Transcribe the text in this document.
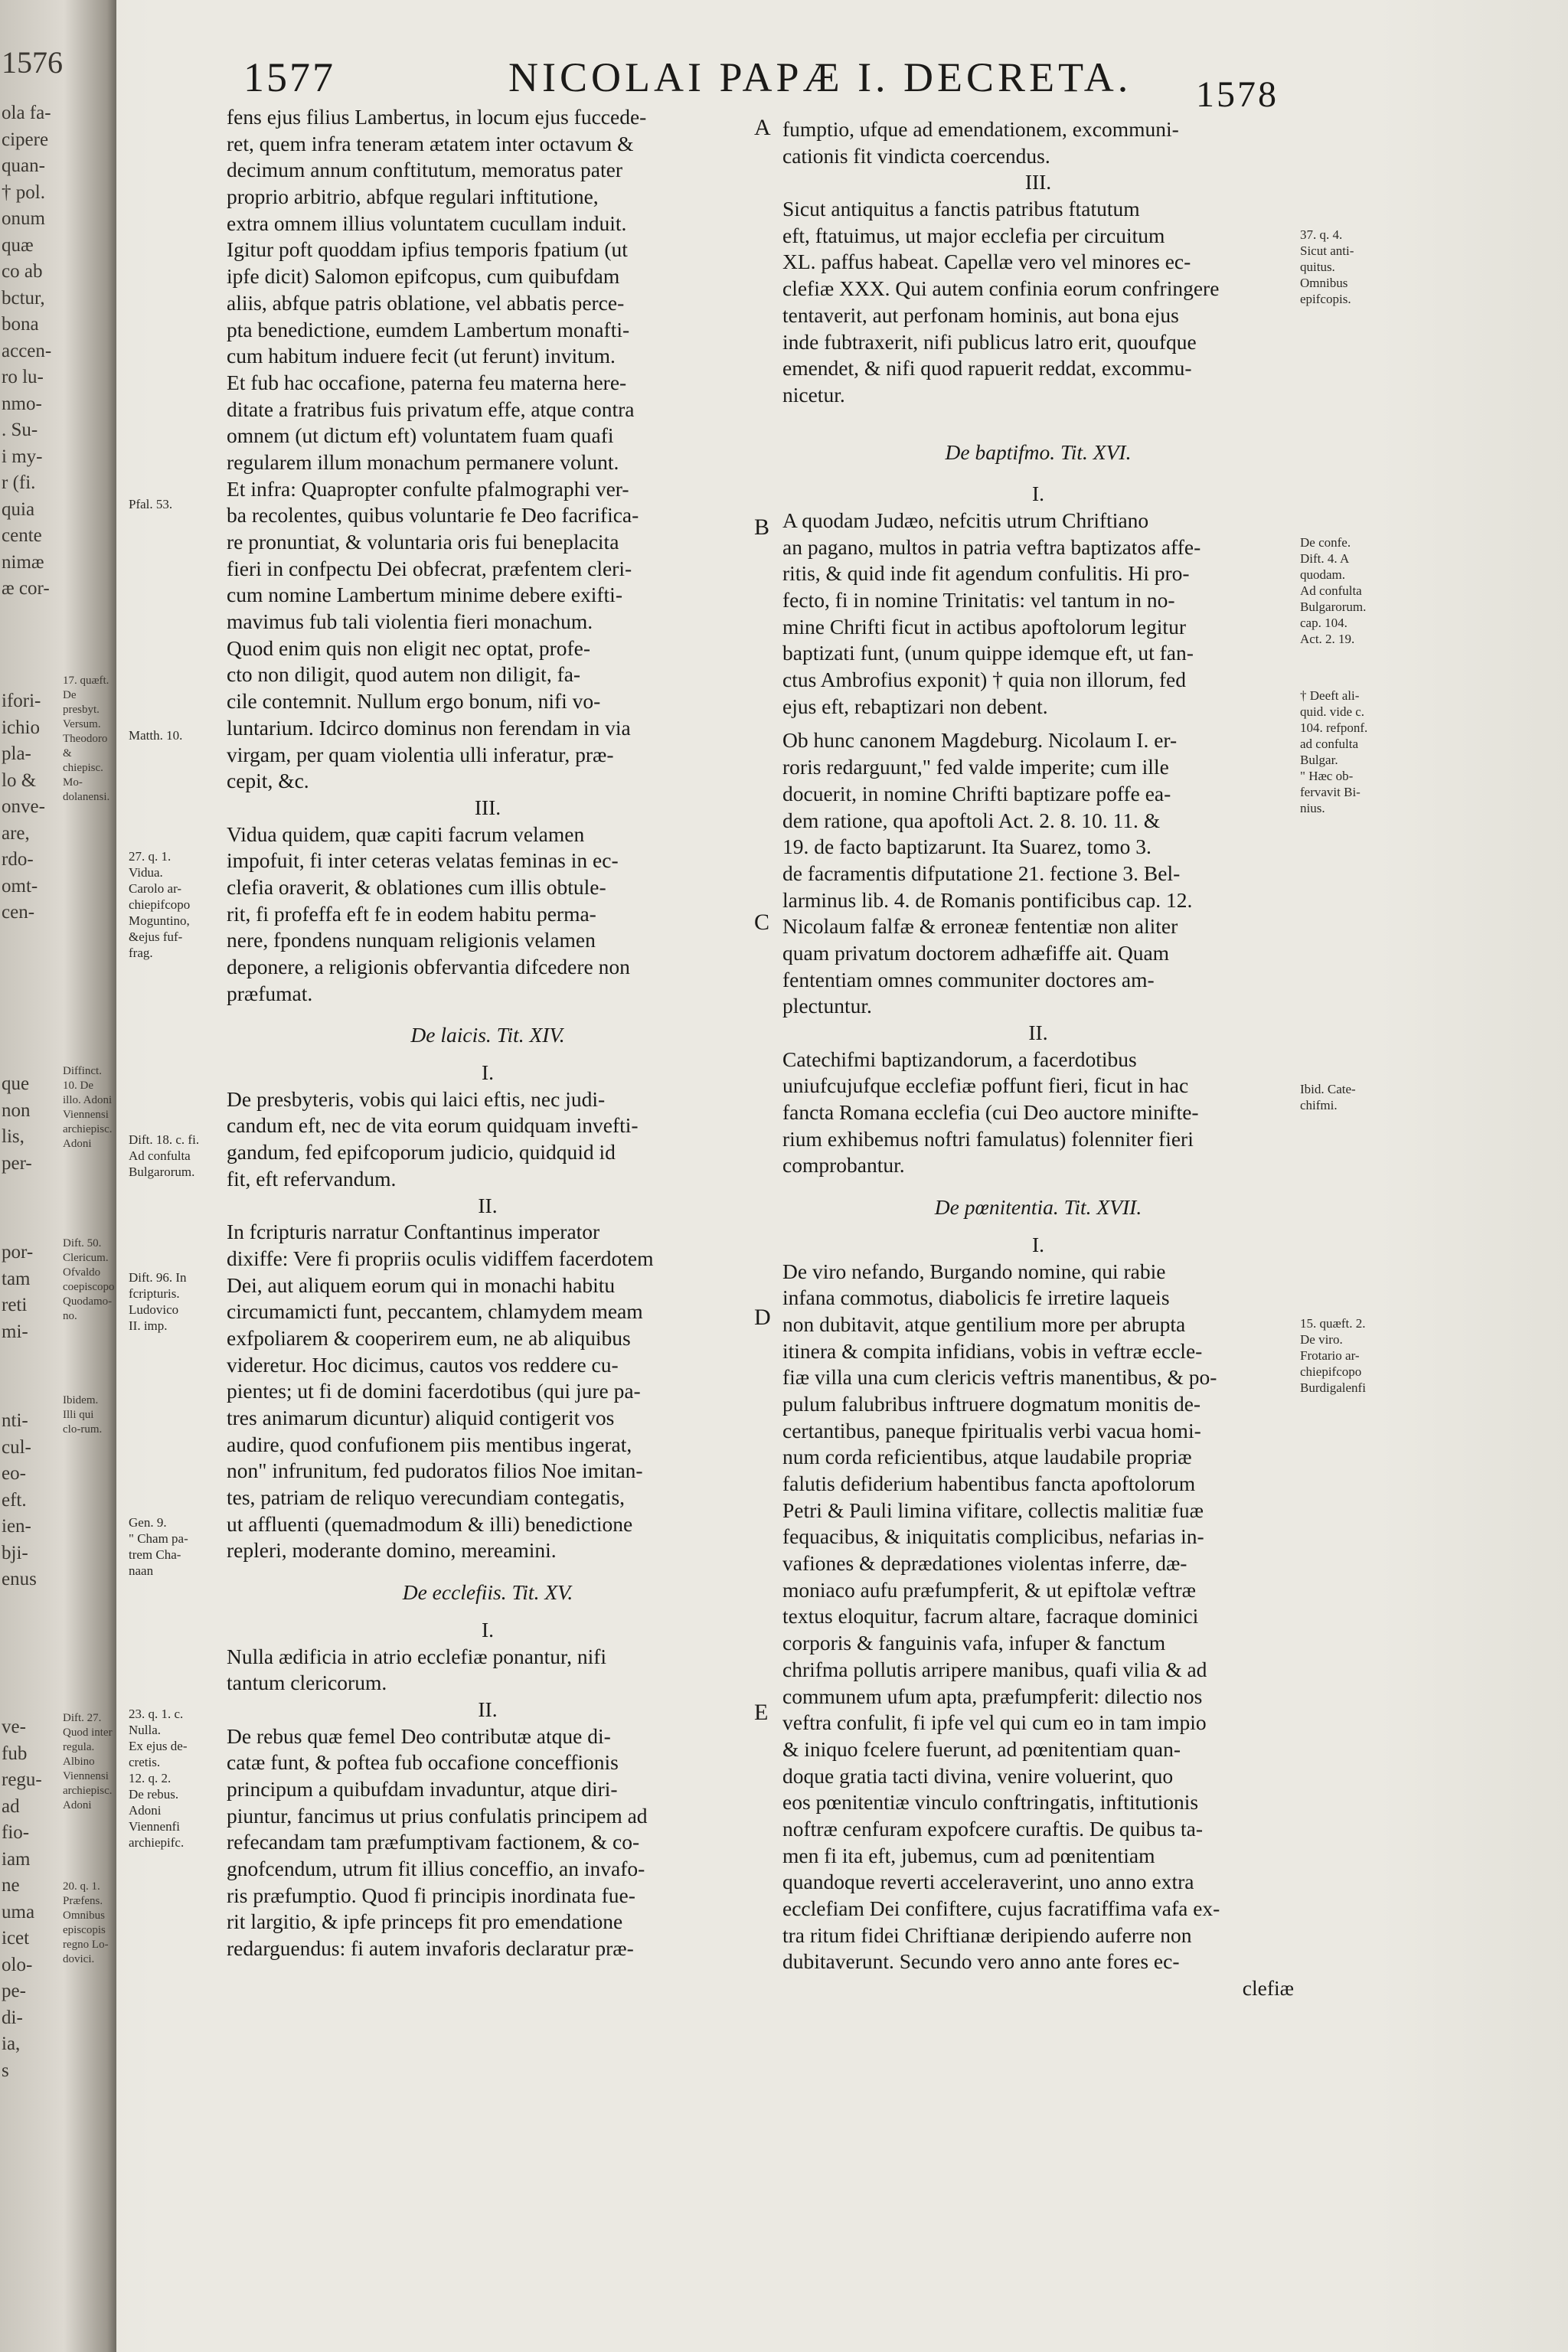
1576
ola fa-
cipere
quan-
† pol.
onum
quæ
co ab
bctur,
bona
accen-
ro lu-
nmo-
. Su-
i my-
r (fi.
quia
cente
nimæ
æ cor-
ifori-
ichio
pla-
lo &
onve-
are,
rdo-
omt-
cen-
que
non
lis,
per-
por-
tam
reti
mi-
nti-
cul-
eo-
eft.
ien-
bji-
enus
ve-
fub
regu-
ad
fio-
iam
ne
uma
icet
olo-
pe-
di-
ia,
s
17. quæft. De presbyt. Versum. Theodoro & chiepisc. Mo-dolanensi.
Diffinct. 10. De illo. Adoni Viennensi archiepisc. Adoni
Dift. 50. Clericum. Ofvaldo coepiscopo Quodamo-no.
Ibidem. Illi qui clo-rum.
Dift. 27. Quod inter regula. Albino Viennensi archiepisc. Adoni
20. q. 1. Præfens. Omnibus episcopis regno Lo-dovici.
1577	NICOLAI PAPÆ I. DECRETA. 1578
A
B
C
D
E
Pfal. 53.
Matth. 10.
27. q. 1.
Vidua.
Carolo ar-
chiepifcopo
Moguntino,
&ejus fuf-
frag.
Dift. 18. c. fi.
Ad confulta
Bulgarorum.
Dift. 96. In
fcripturis.
Ludovico
II. imp.
Gen. 9.
" Cham pa-
trem Cha-
naan
23. q. 1. c.
Nulla.
Ex ejus de-
cretis.
12. q. 2.
De rebus.
Adoni
Viennenfi
archiepifc.
fens ejus filius Lambertus, in locum ejus fuccede-
ret, quem infra teneram ætatem inter octavum &
decimum annum conftitutum, memoratus pater
proprio arbitrio, abfque regulari inftitutione,
extra omnem illius voluntatem cucullam induit.
Igitur poft quoddam ipfius temporis fpatium (ut
ipfe dicit) Salomon epifcopus, cum quibufdam
aliis, abfque patris oblatione, vel abbatis perce-
pta benedictione, eumdem Lambertum monafti-
cum habitum induere fecit (ut ferunt) invitum.
Et fub hac occafione, paterna feu materna here-
ditate a fratribus fuis privatum effe, atque contra
omnem (ut dictum eft) voluntatem fuam quafi
regularem illum monachum permanere volunt.
Et infra: Quapropter confulte pfalmographi ver-
ba recolentes, quibus voluntarie fe Deo facrifica-
re pronuntiat, & voluntaria oris fui beneplacita
fieri in confpectu Dei obfecrat, præfentem cleri-
cum nomine Lambertum minime debere exifti-
mavimus fub tali violentia fieri monachum.
Quod enim quis non eligit nec optat, profe-
cto non diligit, quod autem non diligit, fa-
cile contemnit. Nullum ergo bonum, nifi vo-
luntarium. Idcirco dominus non ferendam in via
virgam, per quam violentia ulli inferatur, præ-
cepit, &c.
III.
Vidua quidem, quæ capiti facrum velamen
impofuit, fi inter ceteras velatas feminas in ec-
clefia oraverit, & oblationes cum illis obtule-
rit, fi profeffa eft fe in eodem habitu perma-
nere, fpondens nunquam religionis velamen
deponere, a religionis obfervantia difcedere non
præfumat.
De laicis. Tit. XIV.
I.
De presbyteris, vobis qui laici eftis, nec judi-
candum eft, nec de vita eorum quidquam invefti-
gandum, fed epifcoporum judicio, quidquid id
fit, eft refervandum.
II.
In fcripturis narratur Conftantinus imperator
dixiffe: Vere fi propriis oculis vidiffem facerdotem
Dei, aut aliquem eorum qui in monachi habitu
circumamicti funt, peccantem, chlamydem meam
exfpoliarem & cooperirem eum, ne ab aliquibus
videretur. Hoc dicimus, cautos vos reddere cu-
pientes; ut fi de domini facerdotibus (qui jure pa-
tres animarum dicuntur) aliquid contigerit vos
audire, quod confufionem piis mentibus ingerat,
non" infrunitum, fed pudoratos filios Noe imitan-
tes, patriam de reliquo verecundiam contegatis,
ut affluenti (quemadmodum & illi) benedictione
repleri, moderante domino, mereamini.
De ecclefiis. Tit. XV.
I.
Nulla ædificia in atrio ecclefiæ ponantur, nifi
tantum clericorum.
II.
De rebus quæ femel Deo contributæ atque di-
catæ funt, & poftea fub occafione conceffionis
principum a quibufdam invaduntur, atque diri-
piuntur, fancimus ut prius confulatis principem ad
refecandam tam præfumptivam factionem, & co-
gnofcendum, utrum fit illius conceffio, an invafo-
ris præfumptio. Quod fi principis inordinata fue-
rit largitio, & ipfe princeps fit pro emendatione
redarguendus: fi autem invaforis declaratur præ-
fumptio, ufque ad emendationem, excommuni-
cationis fit vindicta coercendus.
III.
Sicut antiquitus a fanctis patribus ftatutum
eft, ftatuimus, ut major ecclefia per circuitum
XL. paffus habeat. Capellæ vero vel minores ec-
clefiæ XXX. Qui autem confinia eorum confringere
tentaverit, aut perfonam hominis, aut bona ejus
inde fubtraxerit, nifi publicus latro erit, quoufque
emendet, & nifi quod rapuerit reddat, excommu-
nicetur.
De baptifmo. Tit. XVI.
I.
A quodam Judæo, nefcitis utrum Chriftiano
an pagano, multos in patria veftra baptizatos affe-
ritis, & quid inde fit agendum confulitis. Hi pro-
fecto, fi in nomine Trinitatis: vel tantum in no-
mine Chrifti ficut in actibus apoftolorum legitur
baptizati funt, (unum quippe idemque eft, ut fan-
ctus Ambrofius exponit) † quia non illorum, fed
ejus eft, rebaptizari non debent.
Ob hunc canonem Magdeburg. Nicolaum I. er-
roris redarguunt," fed valde imperite; cum ille
docuerit, in nomine Chrifti baptizare poffe ea-
dem ratione, qua apoftoli Act. 2. 8. 10. 11. &
19. de facto baptizarunt. Ita Suarez, tomo 3.
de facramentis difputatione 21. fectione 3. Bel-
larminus lib. 4. de Romanis pontificibus cap. 12.
Nicolaum falfæ & erroneæ fententiæ non aliter
quam privatum doctorem adhæfiffe ait. Quam
fententiam omnes communiter doctores am-
plectuntur.
II.
Catechifmi baptizandorum, a facerdotibus
uniufcujufque ecclefiæ poffunt fieri, ficut in hac
fancta Romana ecclefia (cui Deo auctore minifte-
rium exhibemus noftri famulatus) folenniter fieri
comprobantur.
De pœnitentia. Tit. XVII.
I.
De viro nefando, Burgando nomine, qui rabie
infana commotus, diabolicis fe irretire laqueis
non dubitavit, atque gentilium more per abrupta
itinera & compita infidians, vobis in veftræ eccle-
fiæ villa una cum clericis veftris manentibus, & po-
pulum falubribus inftruere dogmatum monitis de-
certantibus, paneque fpiritualis verbi vacua homi-
num corda reficientibus, atque laudabile propriæ
falutis defiderium habentibus fancta apoftolorum
Petri & Pauli limina vifitare, collectis malitiæ fuæ
fequacibus, & iniquitatis complicibus, nefarias in-
vafiones & deprædationes violentas inferre, dæ-
moniaco aufu præfumpferit, & ut epiftolæ veftræ
textus eloquitur, facrum altare, facraque dominici
corporis & fanguinis vafa, infuper & fanctum
chrifma pollutis arripere manibus, quafi vilia & ad
communem ufum apta, præfumpferit: dilectio nos
veftra confulit, fi ipfe vel qui cum eo in tam impio
& iniquo fcelere fuerunt, ad pœnitentiam quan-
doque gratia tacti divina, venire voluerint, quo
eos pœnitentiæ vinculo conftringatis, inftitutionis
noftræ cenfuram expofcere curaftis. De quibus ta-
men fi ita eft, jubemus, cum ad pœnitentiam
quandoque reverti acceleraverint, uno anno extra
ecclefiam Dei confiftere, cujus facratiffima vafa ex-
tra ritum fidei Chriftianæ deripiendo auferre non
dubitaverunt. Secundo vero anno ante fores ec-
clefiæ
37. q. 4.
Sicut anti-
quitus.
Omnibus
epifcopis.
De confe.
Dift. 4. A
quodam.
Ad confulta
Bulgarorum.
cap. 104.
Act. 2. 19.
† Deeft ali-
quid. vide c.
104. refponf.
ad confulta
Bulgar.
" Hæc ob-
fervavit Bi-
nius.
Ibid. Cate-
chifmi.
15. quæft. 2.
De viro.
Frotario ar-
chiepifcopo
Burdigalenfi
